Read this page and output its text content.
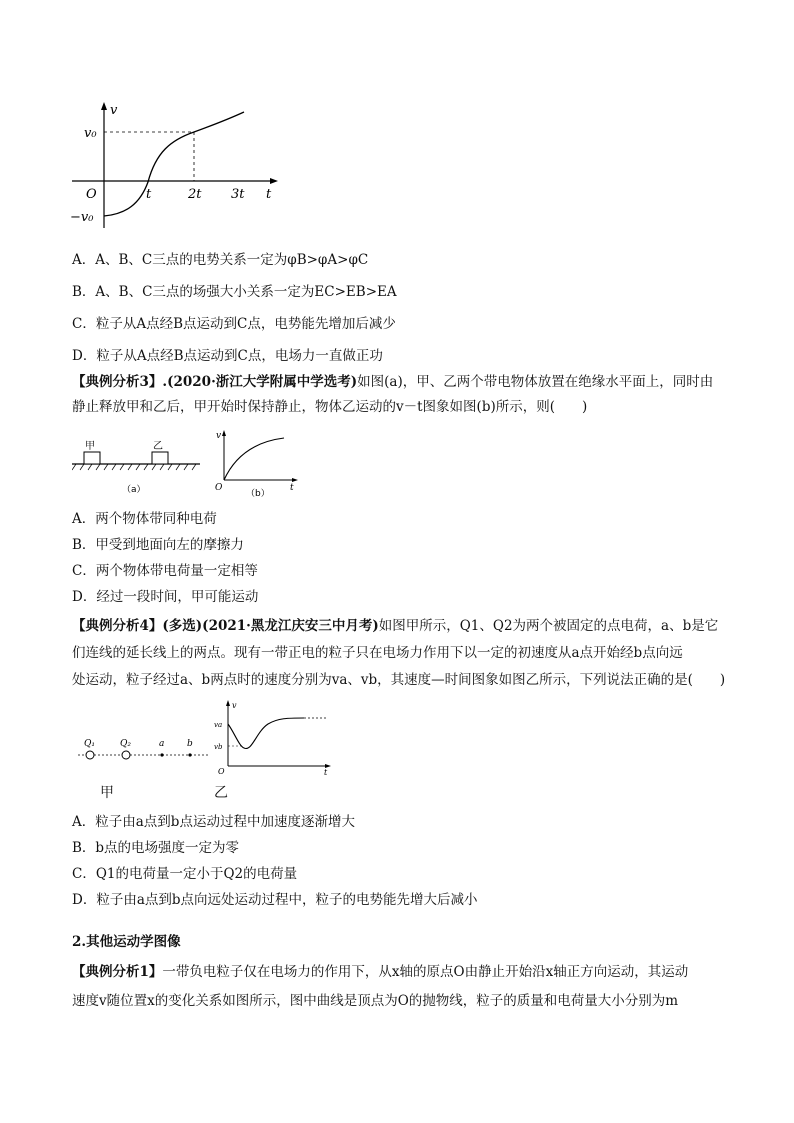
v
v₀
−v₀
O	t	2t 3t t
A．A、B、C三点的电势关系一定为φB>φA>φC
B．A、B、C三点的场强大小关系一定为EC>EB>EA
C．粒子从A点经B点运动到C点，电势能先增加后减少
D．粒子从A点经B点运动到C点，电场力一直做正功
【典例分析3】.(2020·浙江大学附属中学选考)如图(a)，甲、乙两个带电物体放置在绝缘水平面上，同时由
静止释放甲和乙后，甲开始时保持静止，物体乙运动的v－t图象如图(b)所示，则(　　)
甲	乙
（a）
v
O	t
（b）
A．两个物体带同种电荷
B．甲受到地面向左的摩擦力
C．两个物体带电荷量一定相等
D．经过一段时间，甲可能运动
【典例分析4】(多选)(2021·黑龙江庆安三中月考)如图甲所示，Q1、Q2为两个被固定的点电荷，a、b是它
们连线的延长线上的两点。现有一带正电的粒子只在电场力作用下以一定的初速度从a点开始经b点向远
处运动，粒子经过a、b两点时的速度分别为va、vb，其速度—时间图象如图乙所示，下列说法正确的是(　　)
Q₁	Q₂	a	b
甲
v
va
vb
O	t
乙
A．粒子由a点到b点运动过程中加速度逐渐增大
B．b点的电场强度一定为零
C．Q1的电荷量一定小于Q2的电荷量
D．粒子由a点到b点向远处运动过程中，粒子的电势能先增大后减小
2.其他运动学图像
【典例分析1】一带负电粒子仅在电场力的作用下，从x轴的原点O由静止开始沿x轴正方向运动，其运动
速度v随位置x的变化关系如图所示，图中曲线是顶点为O的抛物线，粒子的质量和电荷量大小分别为m
